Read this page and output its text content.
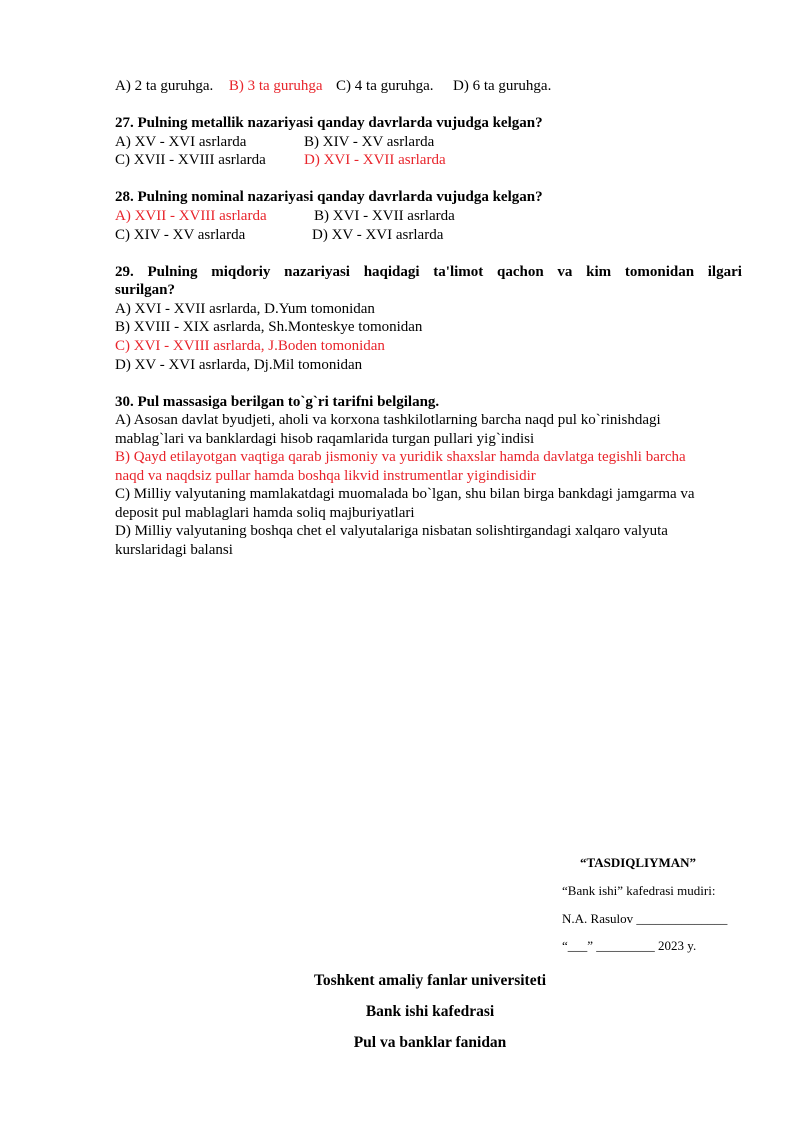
A) 2 ta guruhga. B) 3 ta guruhga C) 4 ta guruhga. D) 6 ta guruhga.
27. Pulning metallik nazariyasi qanday davrlarda vujudga kelgan?
A) XV - XVI asrlarda	B) XIV - XV asrlarda
C) XVII - XVIII asrlarda	D) XVI - XVII asrlarda
28. Pulning nominal nazariyasi qanday davrlarda vujudga kelgan?
A) XVII - XVIII asrlarda	B) XVI - XVII asrlarda
C) XIV - XV asrlarda	D) XV - XVI asrlarda
29. Pulning miqdoriy nazariyasi haqidagi ta'limot qachon va kim tomonidan ilgari
surilgan?
A) XVI - XVII asrlarda, D.Yum tomonidan
B) XVIII - XIX asrlarda, Sh.Monteskye tomonidan
C) XVI - XVIII asrlarda, J.Boden tomonidan
D) XV - XVI asrlarda, Dj.Mil tomonidan
30. Pul massasiga berilgan to`g`ri tarifni belgilang.
A) Asosan davlat byudjeti, aholi va korxona tashkilotlarning barcha naqd pul ko`rinishdagi
mablag`lari va banklardagi hisob raqamlarida turgan pullari yig`indisi
B) Qayd etilayotgan vaqtiga qarab jismoniy va yuridik shaxslar hamda davlatga tegishli barcha
naqd va naqdsiz pullar hamda boshqa likvid instrumentlar yigindisidir
C) Milliy valyutaning mamlakatdagi muomalada bo`lgan, shu bilan birga bankdagi jamgarma va
deposit pul mablaglari hamda soliq majburiyatlari
D) Milliy valyutaning boshqa chet el valyutalariga nisbatan solishtirgandagi xalqaro valyuta
kurslaridagi balansi
“TASDIQLIYMAN”
“Bank ishi” kafedrasi mudiri:
N.A. Rasulov ______________
“___” _________ 2023 y.
Toshkent amaliy fanlar universiteti
Bank ishi kafedrasi
Pul va banklar fanidan
